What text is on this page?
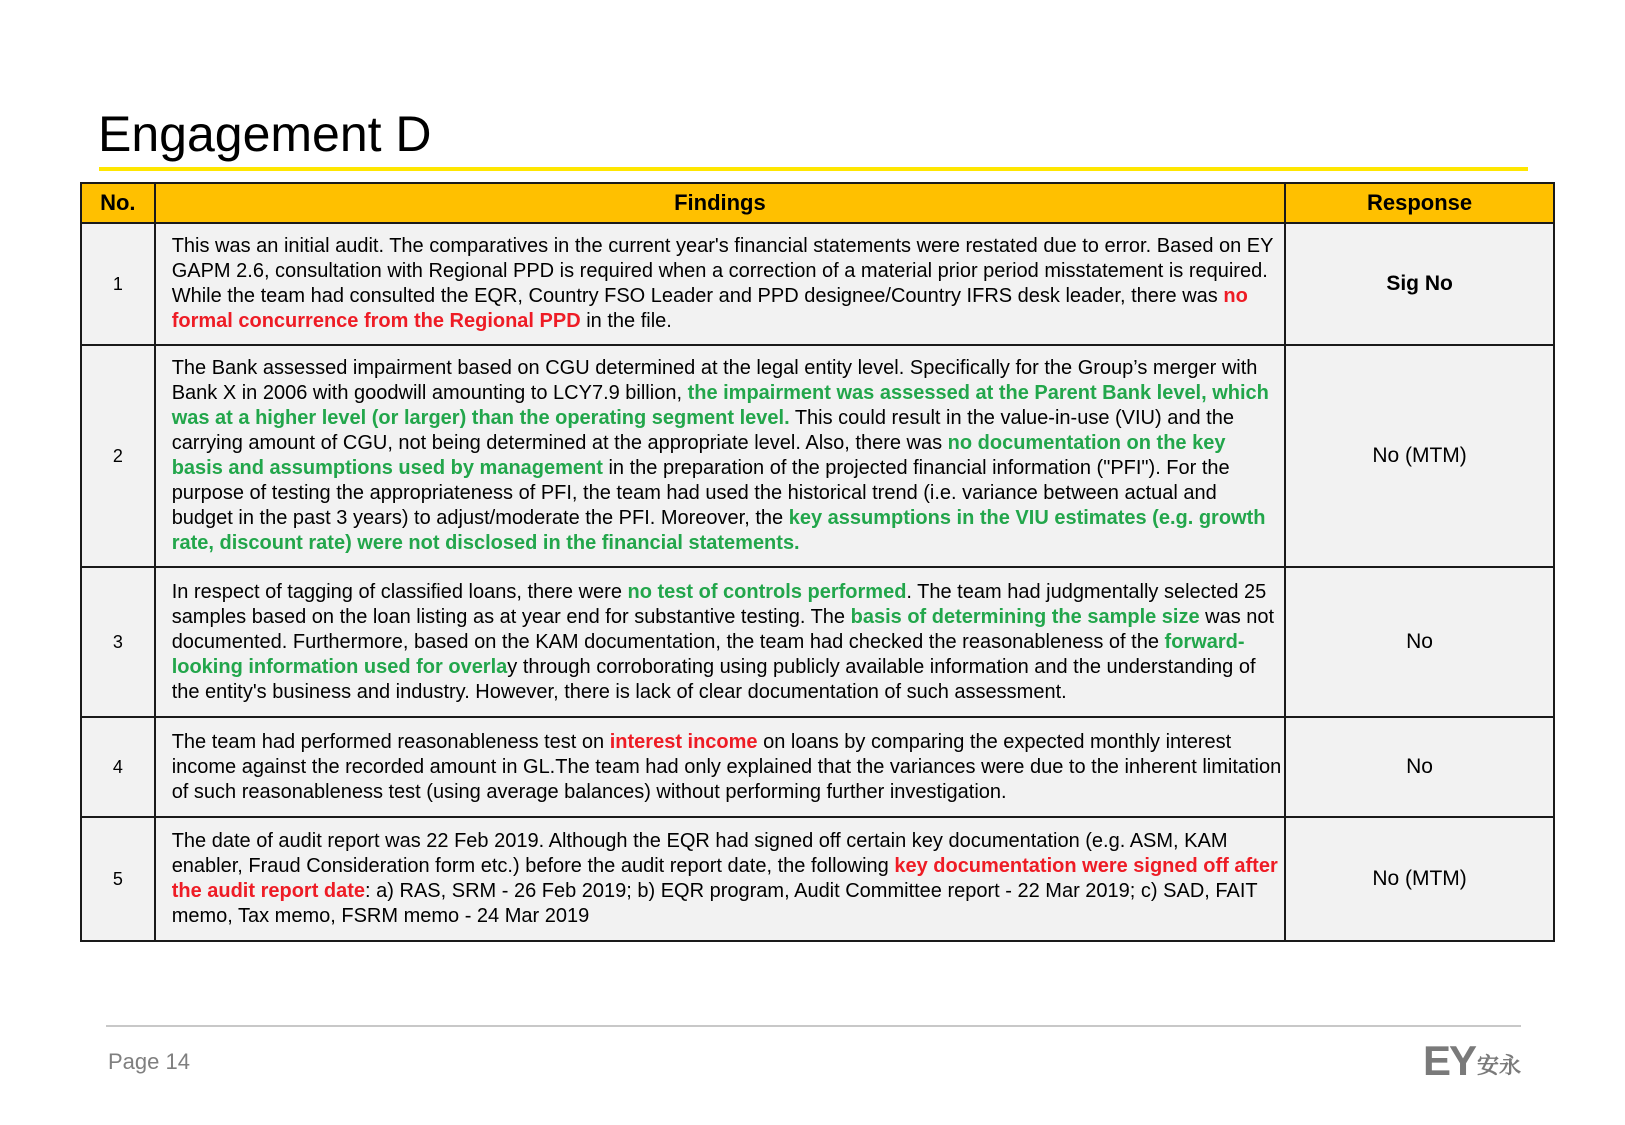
Engagement D
No.	Findings	Response
1	This was an initial audit. The comparatives in the current year's financial statements were restated due to error. Based on EY GAPM 2.6, consultation with Regional PPD is required when a correction of a material prior period misstatement is required. While the team had consulted the EQR, Country FSO Leader and PPD designee/Country IFRS desk leader, there was no formal concurrence from the Regional PPD in the file.	Sig No
2	The Bank assessed impairment based on CGU determined at the legal entity level. Specifically for the Group’s merger with Bank X in 2006 with goodwill amounting to LCY7.9 billion, the impairment was assessed at the Parent Bank level, which was at a higher level (or larger) than the operating segment level. This could result in the value-in-use (VIU) and the carrying amount of CGU, not being determined at the appropriate level. Also, there was no documentation on the key basis and assumptions used by management in the preparation of the projected financial information ("PFI"). For the purpose of testing the appropriateness of PFI, the team had used the historical trend (i.e. variance between actual and budget in the past 3 years) to adjust/moderate the PFI. Moreover, the key assumptions in the VIU estimates (e.g. growth rate, discount rate) were not disclosed in the financial statements.	No (MTM)
3	In respect of tagging of classified loans, there were no test of controls performed. The team had judgmentally selected 25 samples based on the loan listing as at year end for substantive testing. The basis of determining the sample size was not documented. Furthermore, based on the KAM documentation, the team had checked the reasonableness of the forward-looking information used for overlay through corroborating using publicly available information and the understanding of the entity's business and industry. However, there is lack of clear documentation of such assessment.	No
4	The team had performed reasonableness test on interest income on loans by comparing the expected monthly interest income against the recorded amount in GL.The team had only explained that the variances were due to the inherent limitation of such reasonableness test (using average balances) without performing further investigation.	No
5	The date of audit report was 22 Feb 2019. Although the EQR had signed off certain key documentation (e.g. ASM, KAM enabler, Fraud Consideration form etc.) before the audit report date, the following key documentation were signed off after the audit report date: a) RAS, SRM - 26 Feb 2019; b) EQR program, Audit Committee report - 22 Mar 2019; c) SAD, FAIT memo, Tax memo, FSRM memo - 24 Mar 2019	No (MTM)
Page 14	EY 安永
